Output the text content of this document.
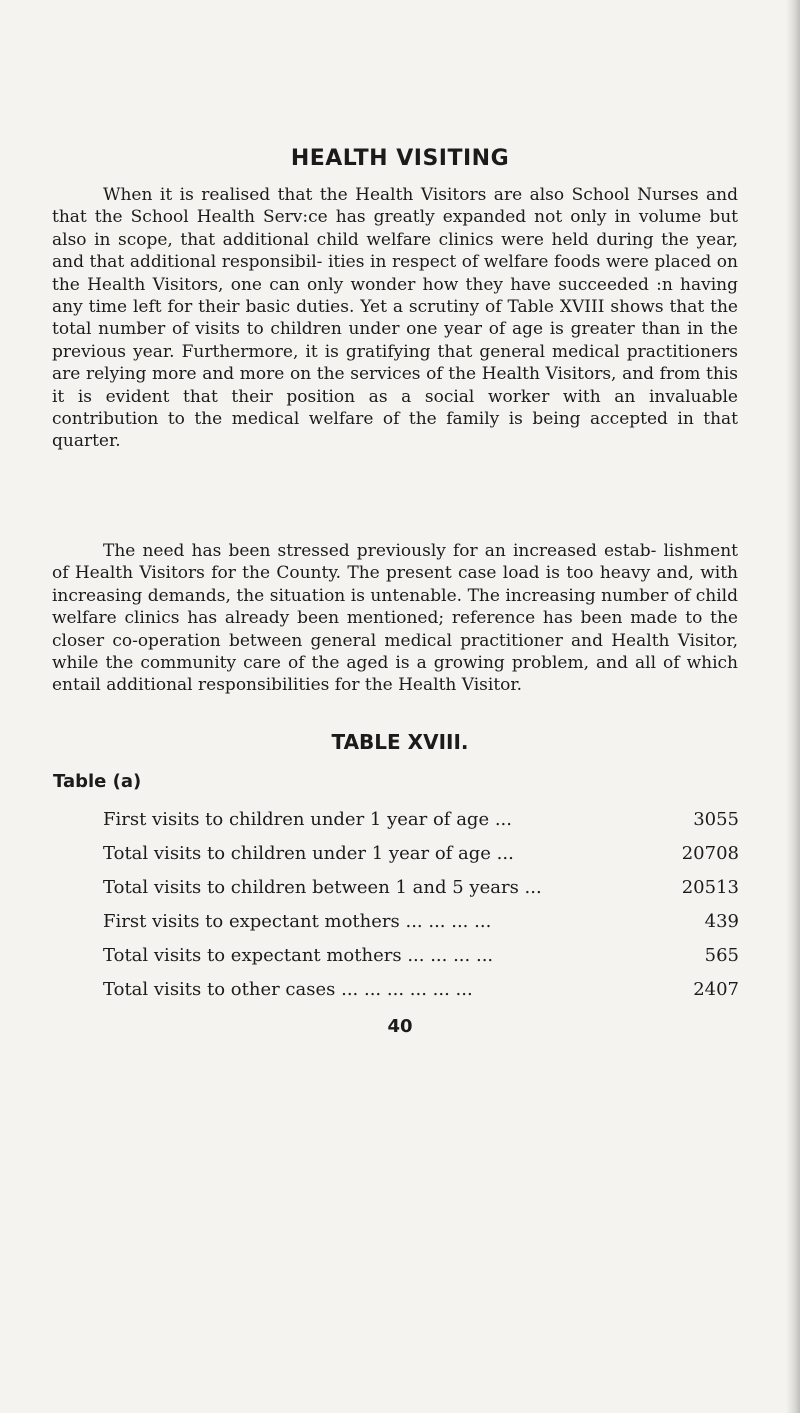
HEALTH VISITING

When it is realised that the Health Visitors are also School Nurses and that the School Health Serv:ce has greatly expanded not only in volume but also in scope, that additional child welfare clinics were held during the year, and that additional responsibil- ities in respect of welfare foods were placed on the Health Visitors, one can only wonder how they have succeeded :n having any time left for their basic duties. Yet a scrutiny of Table XVIII shows that the total number of visits to children under one year of age is greater than in the previous year. Furthermore, it is gratifying that general medical practitioners are relying more and more on the services of the Health Visitors, and from this it is evident that their position as a social worker with an invaluable contribution to the medical welfare of the family is being accepted in that quarter.

The need has been stressed previously for an increased estab- lishment of Health Visitors for the County. The present case load is too heavy and, with increasing demands, the situation is untenable. The increasing number of child welfare clinics has already been mentioned; reference has been made to the closer co-operation between general medical practitioner and Health Visitor, while the community care of the aged is a growing problem, and all of which entail additional responsibilities for the Health Visitor.

TABLE XVIII.
Table (a)
First visits to children under 1 year of age ...	3055
Total visits to children under 1 year of age ...	20708
Total visits to children between 1 and 5 years ...	20513
First visits to expectant mothers ... ... ... ...	439
Total visits to expectant mothers ... ... ... ...	565
Total visits to other cases ... ... ... ... ... ...	2407
40
